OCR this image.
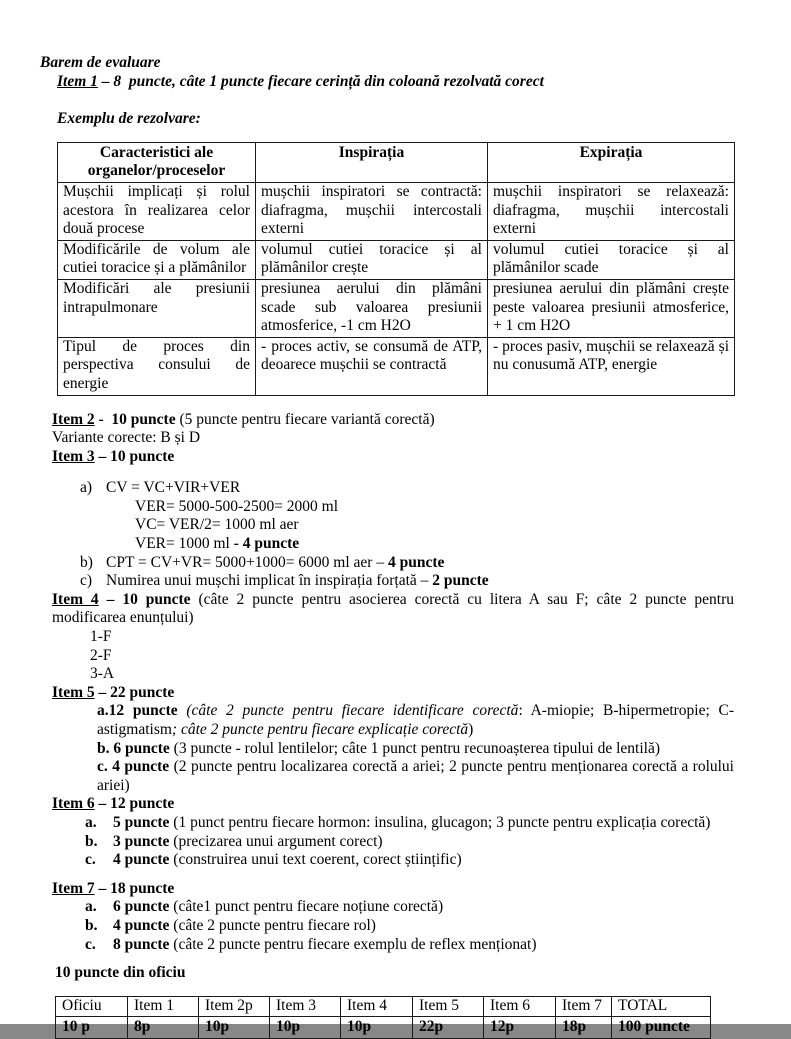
Barem de evaluare
Item 1 – 8  puncte, câte 1 puncte fiecare cerință din coloană rezolvată corect
Exemplu de rezolvare:
Caracteristici ale organelor/proceselor	Inspirația	Expirația
Mușchii implicați și rolul acestora în realizarea celor două procese	mușchii inspiratori se contractă: diafragma, mușchii intercostali externi	mușchii inspiratori se relaxează: diafragma, mușchii intercostali externi
Modificările de volum ale cutiei toracice și a plămânilor	volumul cutiei toracice și al plămânilor crește	volumul cutiei toracice și al plămânilor scade
Modificări ale presiunii intrapulmonare	presiunea aerului din plămâni scade sub valoarea presiunii atmosferice, -1 cm H2O	presiunea aerului din plămâni crește peste valoarea presiunii atmosferice, + 1 cm H2O
Tipul de proces din perspectiva consului de energie	- proces activ, se consumă de ATP, deoarece mușchii se contractă	- proces pasiv, mușchii se relaxează și nu conusumă ATP, energie
Item 2 -  10 puncte (5 puncte pentru fiecare variantă corectă)
Variante corecte: B și D
Item 3 – 10 puncte
a) CV = VC+VIR+VER
VER= 5000-500-2500= 2000 ml
VC= VER/2= 1000 ml aer
VER= 1000 ml - 4 puncte
b) CPT = CV+VR= 5000+1000= 6000 ml aer – 4 puncte
c) Numirea unui mușchi implicat în inspirația forțată – 2 puncte
Item 4 – 10 puncte (câte 2 puncte pentru asocierea corectă cu litera A sau F; câte 2 puncte pentru modificarea enunțului)
1-F
2-F
3-A
Item 5 – 22 puncte
a.12 puncte (câte 2 puncte pentru fiecare identificare corectă: A-miopie; B-hipermetropie; C-astigmatism; câte 2 puncte pentru fiecare explicație corectă)
b. 6 puncte (3 puncte - rolul lentilelor; câte 1 punct pentru recunoașterea tipului de lentilă)
c. 4 puncte (2 puncte pentru localizarea corectă a ariei; 2 puncte pentru menționarea corectă a rolului ariei)
Item 6 – 12 puncte
a. 5 puncte (1 punct pentru fiecare hormon: insulina, glucagon; 3 puncte pentru explicația corectă)
b. 3 puncte (precizarea unui argument corect)
c. 4 puncte (construirea unui text coerent, corect științific)
Item 7 – 18 puncte
a. 6 puncte (câte1 punct pentru fiecare noțiune corectă)
b. 4 puncte (câte 2 puncte pentru fiecare rol)
c. 8 puncte (câte 2 puncte pentru fiecare exemplu de reflex menționat)
10 puncte din oficiu
Oficiu	Item 1	Item 2p	Item 3	Item 4	Item 5	Item 6	Item 7	TOTAL
10 p	8p	10p	10p	10p	22p	12p	18p	100 puncte
